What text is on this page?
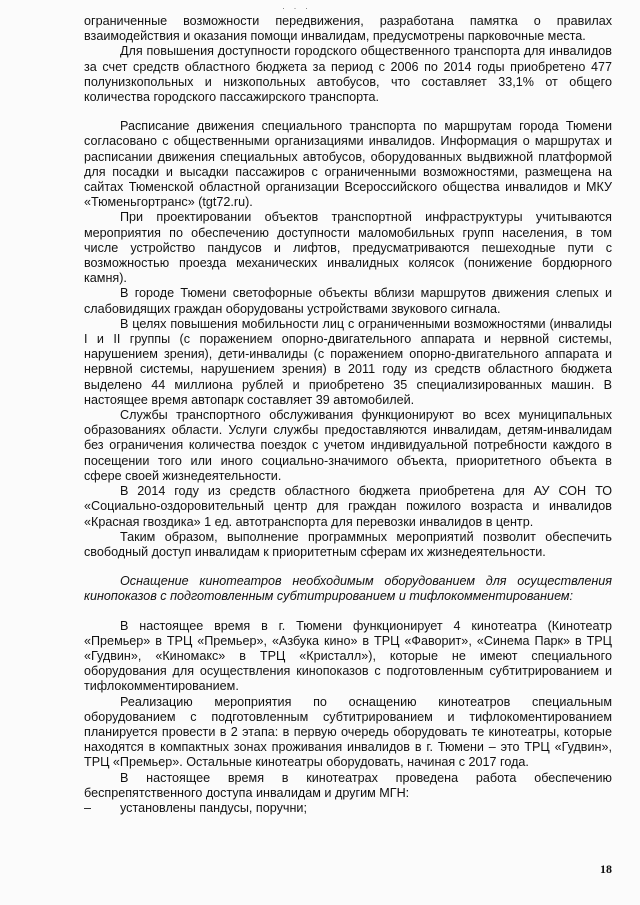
· · ·

ограниченные возможности передвижения, разработана памятка о правилах взаимодействия и оказания помощи инвалидам, предусмотрены парковочные места.

Для повышения доступности городского общественного транспорта для инвалидов за счет средств областного бюджета за период с 2006 по 2014 годы приобретено 477 полунизкопольных и низкопольных автобусов, что составляет 33,1% от общего количества городского пассажирского транспорта.

Расписание движения специального транспорта по маршрутам города Тюмени согласовано с общественными организациями инвалидов. Информация о маршрутах и расписании движения специальных автобусов, оборудованных выдвижной платформой для посадки и высадки пассажиров с ограниченными возможностями, размещена на сайтах Тюменской областной организации Всероссийского общества инвалидов и МКУ «Тюменьгортранс» (tgt72.ru).

При проектировании объектов транспортной инфраструктуры учитываются мероприятия по обеспечению доступности маломобильных групп населения, в том числе устройство пандусов и лифтов, предусматриваются пешеходные пути с возможностью проезда механических инвалидных колясок (понижение бордюрного камня).

В городе Тюмени светофорные объекты вблизи маршрутов движения слепых и слабовидящих граждан оборудованы устройствами звукового сигнала.

В целях повышения мобильности лиц с ограниченными возможностями (инвалиды I и II группы (с поражением опорно-двигательного аппарата и нервной системы, нарушением зрения), дети-инвалиды (с поражением опорно-двигательного аппарата и нервной системы, нарушением зрения) в 2011 году из средств областного бюджета выделено 44 миллиона рублей и приобретено 35 специализированных машин. В настоящее время автопарк составляет 39 автомобилей.

Службы транспортного обслуживания функционируют во всех муниципальных образованиях области. Услуги службы предоставляются инвалидам, детям-инвалидам без ограничения количества поездок с учетом индивидуальной потребности каждого в посещении того или иного социально-значимого объекта, приоритетного объекта в сфере своей жизнедеятельности.

В 2014 году из средств областного бюджета приобретена для АУ СОН ТО «Социально-оздоровительный центр для граждан пожилого возраста и инвалидов «Красная гвоздика» 1 ед. автотранспорта для перевозки инвалидов в центр.

Таким образом, выполнение программных мероприятий позволит обеспечить свободный доступ инвалидам к приоритетным сферам их жизнедеятельности.

Оснащение кинотеатров необходимым оборудованием для осуществления кинопоказов с подготовленным субтитрированием и тифлокомментированием:

В настоящее время в г. Тюмени функционирует 4 кинотеатра (Кинотеатр «Премьер» в ТРЦ «Премьер», «Азбука кино» в ТРЦ «Фаворит», «Синема Парк» в ТРЦ «Гудвин», «Киномакс» в ТРЦ «Кристалл»), которые не имеют специального оборудования для осуществления кинопоказов с подготовленным субтитрированием и тифлокомментированием.

Реализацию мероприятия по оснащению кинотеатров специальным оборудованием с подготовленным субтитрированием и тифлокоментированием планируется провести в 2 этапа: в первую очередь оборудовать те кинотеатры, которые находятся в компактных зонах проживания инвалидов в г. Тюмени – это ТРЦ «Гудвин», ТРЦ «Премьер». Остальные кинотеатры оборудовать, начиная с 2017 года.

В настоящее время в кинотеатрах проведена работа обеспечению беспрепятственного доступа инвалидам и другим МГН:

–	установлены пандусы, поручни;
18
